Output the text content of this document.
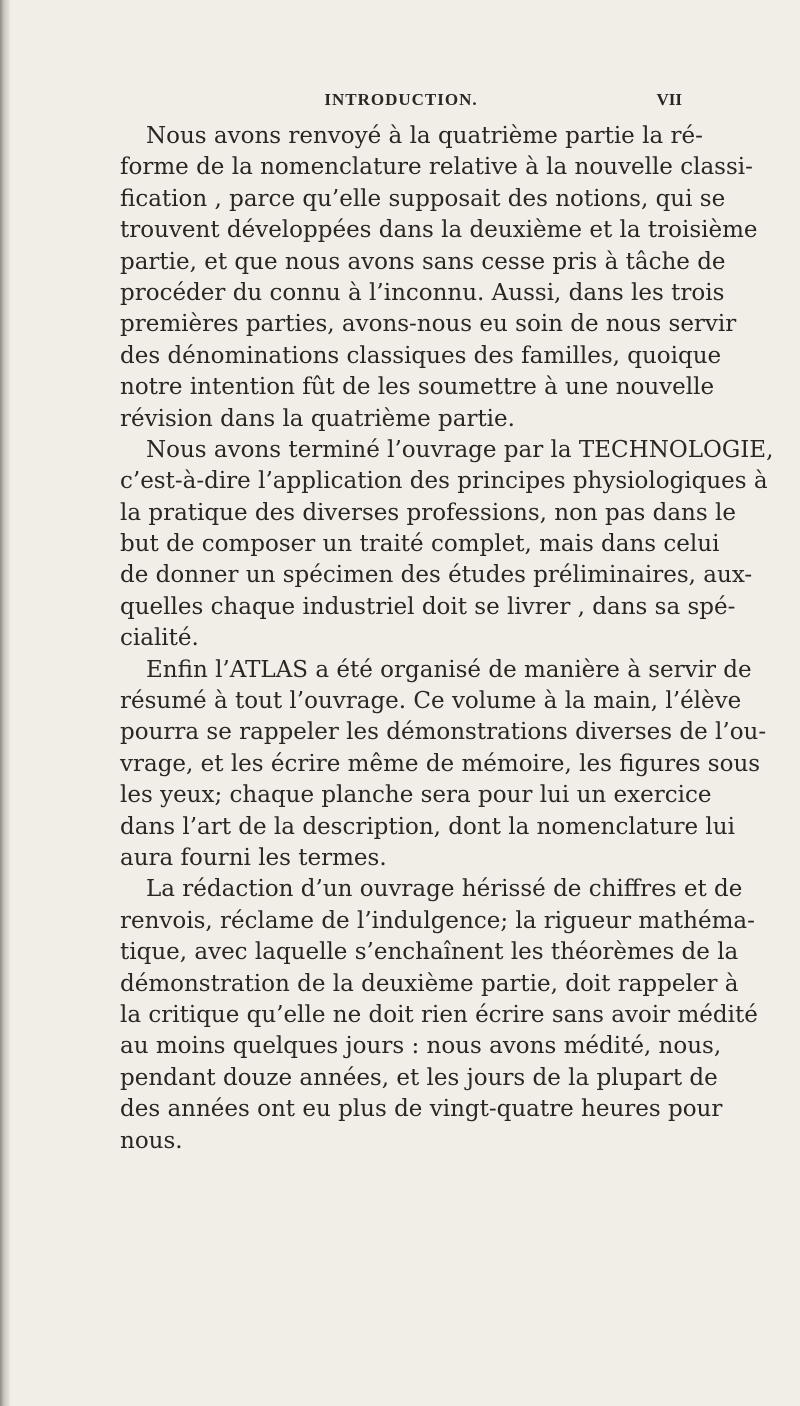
INTRODUCTION.	VII
Nous avons renvoyé à la quatrième partie la ré-
forme de la nomenclature relative à la nouvelle classi-
fication , parce qu’elle supposait des notions, qui se
trouvent développées dans la deuxième et la troisième
partie, et que nous avons sans cesse pris à tâche de
procéder du connu à l’inconnu. Aussi, dans les trois
premières parties, avons-nous eu soin de nous servir
des dénominations classiques des familles, quoique
notre intention fût de les soumettre à une nouvelle
révision dans la quatrième partie.
Nous avons terminé l’ouvrage par la TECHNOLOGIE,
c’est-à-dire l’application des principes physiologiques à
la pratique des diverses professions, non pas dans le
but de composer un traité complet, mais dans celui
de donner un spécimen des études préliminaires, aux-
quelles chaque industriel doit se livrer , dans sa spé-
cialité.
Enfin l’ATLAS a été organisé de manière à servir de
résumé à tout l’ouvrage. Ce volume à la main, l’élève
pourra se rappeler les démonstrations diverses de l’ou-
vrage, et les écrire même de mémoire, les figures sous
les yeux; chaque planche sera pour lui un exercice
dans l’art de la description, dont la nomenclature lui
aura fourni les termes.
La rédaction d’un ouvrage hérissé de chiffres et de
renvois, réclame de l’indulgence; la rigueur mathéma-
tique, avec laquelle s’enchaînent les théorèmes de la
démonstration de la deuxième partie, doit rappeler à
la critique qu’elle ne doit rien écrire sans avoir médité
au moins quelques jours : nous avons médité, nous,
pendant douze années, et les jours de la plupart de
des années ont eu plus de vingt-quatre heures pour
nous.
